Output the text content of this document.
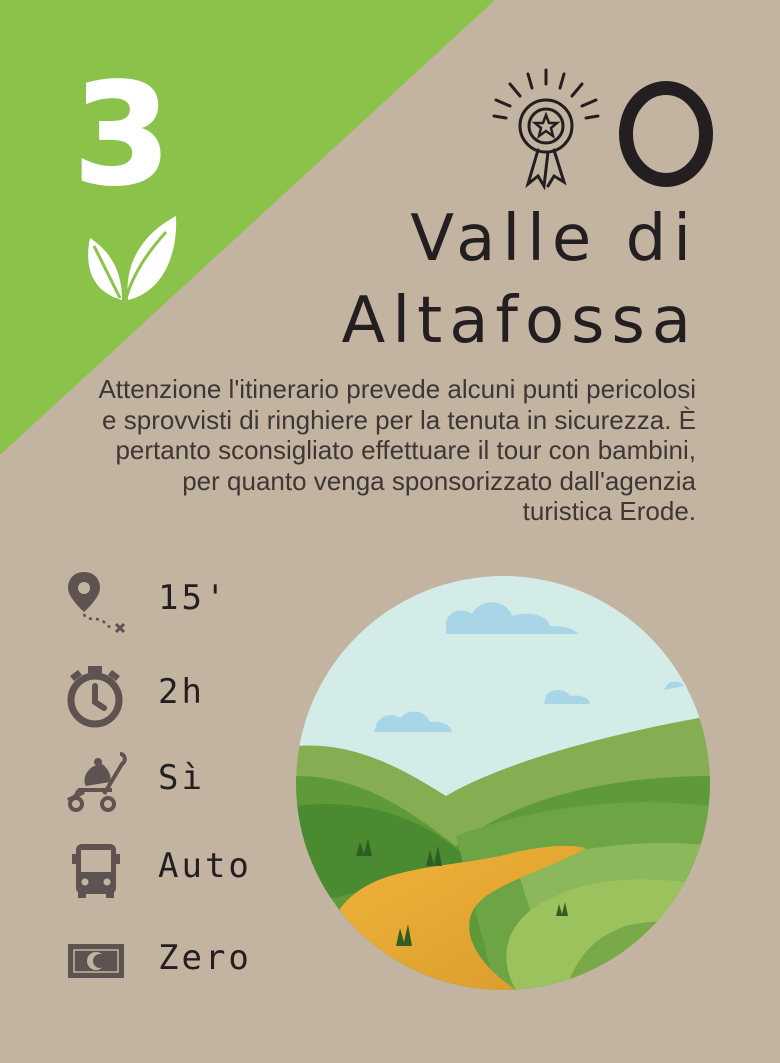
3
Valle di
Altafossa
Attenzione l'itinerario prevede alcuni punti pericolosi e sprovvisti di ringhiere per la tenuta in sicurezza. È pertanto sconsigliato effettuare il tour con bambini, per quanto venga sponsorizzato dall'agenzia turistica Erode.
15'
2h
Sì
Auto
Zero
